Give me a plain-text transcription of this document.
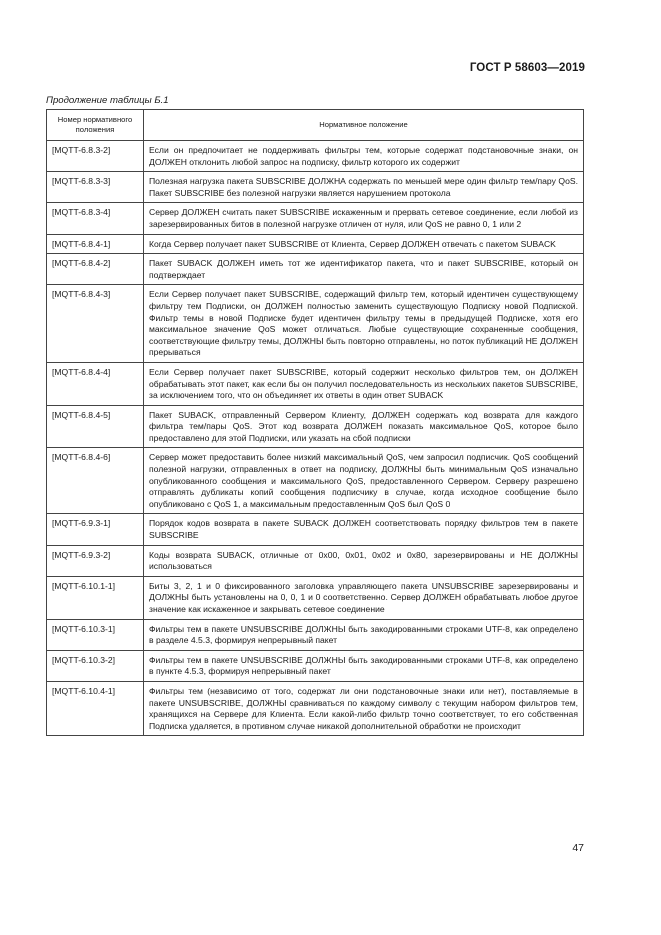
ГОСТ Р 58603—2019
Продолжение таблицы Б.1
Номер нормативного положения	Нормативное положение
[MQTT-6.8.3-2]	Если он предпочитает не поддерживать фильтры тем, которые содержат подстановочные знаки, он ДОЛЖЕН отклонить любой запрос на подписку, фильтр которого их содержит
[MQTT-6.8.3-3]	Полезная нагрузка пакета SUBSCRIBE ДОЛЖНА содержать по меньшей мере один фильтр тем/пару QoS. Пакет SUBSCRIBE без полезной нагрузки является нарушением протокола
[MQTT-6.8.3-4]	Сервер ДОЛЖЕН считать пакет SUBSCRIBE искаженным и прервать сетевое соединение, если любой из зарезервированных битов в полезной нагрузке отличен от нуля, или QoS не равно 0, 1 или 2
[MQTT-6.8.4-1]	Когда Сервер получает пакет SUBSCRIBE от Клиента, Сервер ДОЛЖЕН отвечать с пакетом SUBACK
[MQTT-6.8.4-2]	Пакет SUBACK ДОЛЖЕН иметь тот же идентификатор пакета, что и пакет SUBSCRIBE, который он подтверждает
[MQTT-6.8.4-3]	Если Сервер получает пакет SUBSCRIBE, содержащий фильтр тем, который идентичен существующему фильтру тем Подписки, он ДОЛЖЕН полностью заменить существующую Подписку новой Подпиской. Фильтр темы в новой Подписке будет идентичен фильтру темы в предыдущей Подписке, хотя его максимальное значение QoS может отличаться. Любые существующие сохраненные сообщения, соответствующие фильтру темы, ДОЛЖНЫ быть повторно отправлены, но поток публикаций НЕ ДОЛЖЕН прерываться
[MQTT-6.8.4-4]	Если Сервер получает пакет SUBSCRIBE, который содержит несколько фильтров тем, он ДОЛЖЕН обрабатывать этот пакет, как если бы он получил последовательность из нескольких пакетов SUBSCRIBE, за исключением того, что он объединяет их ответы в один ответ SUBACK
[MQTT-6.8.4-5]	Пакет SUBACK, отправленный Сервером Клиенту, ДОЛЖЕН содержать код возврата для каждого фильтра тем/пары QoS. Этот код возврата ДОЛЖЕН показать максимальное QoS, которое было предоставлено для этой Подписки, или указать на сбой подписки
[MQTT-6.8.4-6]	Сервер может предоставить более низкий максимальный QoS, чем запросил подписчик. QoS сообщений полезной нагрузки, отправленных в ответ на подписку, ДОЛЖНЫ быть минимальным QoS изначально опубликованного сообщения и максимального QoS, предоставленного Сервером. Серверу разрешено отправлять дубликаты копий сообщения подписчику в случае, когда исходное сообщение было опубликовано с QoS 1, а максимальным предоставленным QoS был QoS 0
[MQTT-6.9.3-1]	Порядок кодов возврата в пакете SUBACK ДОЛЖЕН соответствовать порядку фильтров тем в пакете SUBSCRIBE
[MQTT-6.9.3-2]	Коды возврата SUBACK, отличные от 0x00, 0x01, 0x02 и 0x80, зарезервированы и НЕ ДОЛЖНЫ использоваться
[MQTT-6.10.1-1]	Биты 3, 2, 1 и 0 фиксированного заголовка управляющего пакета UNSUBSCRIBE зарезервированы и ДОЛЖНЫ быть установлены на 0, 0, 1 и 0 соответственно. Сервер ДОЛЖЕН обрабатывать любое другое значение как искаженное и закрывать сетевое соединение
[MQTT-6.10.3-1]	Фильтры тем в пакете UNSUBSCRIBE ДОЛЖНЫ быть закодированными строками UTF-8, как определено в разделе 4.5.3, формируя непрерывный пакет
[MQTT-6.10.3-2]	Фильтры тем в пакете UNSUBSCRIBE ДОЛЖНЫ быть закодированными строками UTF-8, как определено в пункте 4.5.3, формируя непрерывный пакет
[MQTT-6.10.4-1]	Фильтры тем (независимо от того, содержат ли они подстановочные знаки или нет), поставляемые в пакете UNSUBSCRIBE, ДОЛЖНЫ сравниваться по каждому символу с текущим набором фильтров тем, хранящихся на Сервере для Клиента. Если какой-либо фильтр точно соответствует, то его собственная Подписка удаляется, в противном случае никакой дополнительной обработки не происходит
47
